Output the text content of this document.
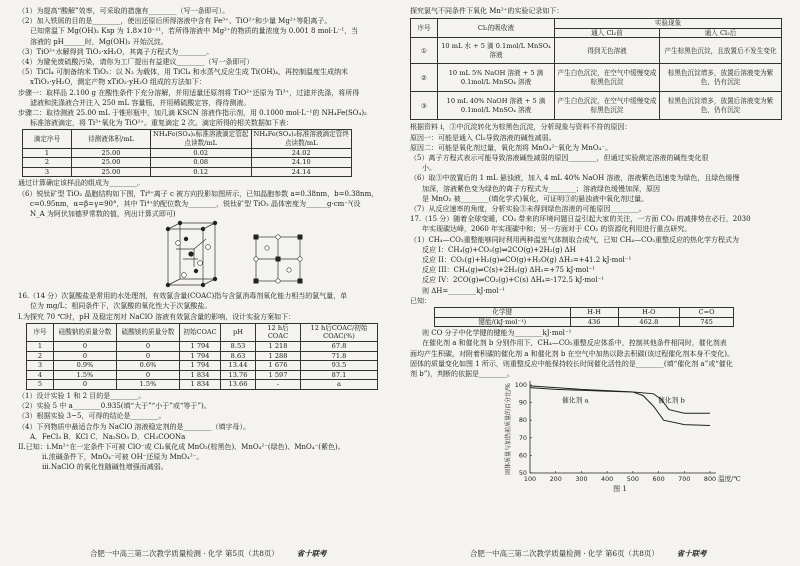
（1）为提高“酸解”效率，可采取的措施有________（写一条即可）。

（2）加入铁屑的目的是________，使出还原后所得溶液中含有 Fe³⁺、TiO²⁺和少量 Mg²⁺等阳离子。

已知常温下 Mg(OH)₂ Ksp 为 1.8×10⁻¹¹，若所得溶液中 Mg²⁺的物质的量浓度为 0.001 8 mol·L⁻¹，当

溶液的 pH______时，Mg(OH)₂ 开始沉淀。

（3）TiO²⁺水解得到 TiO₂·xH₂O，其离子方程式为________。

（4）为避免废硫酸污染，请你为工厂提出有益建议________（写一条即可）

（5）TiCl₄ 可制备纳米 TiO₂：以 N₂ 为载体，用 TiCl₄ 和水蒸气反应生成 Ti(OH)₄，再控制温度生成纳米

xTiO₂·yH₂O，测定产物 xTiO₂·yH₂O 组成的方法如下：

步骤一：取样品 2.100 g 在酸性条件下充分溶解，并用适量还原剂将 TiO²⁺还原为 Ti³⁺，过滤并洗涤，将所得

滤液和洗涤液合并注入 250 mL 容量瓶，并用稀硫酸定容，得待测液。

步骤二：取待测液 25.00 mL 于锥形瓶中，加几滴 KSCN 溶液作指示剂，用 0.1000 mol·L⁻¹的 NH₄Fe(SO₄)₂

标准溶液滴定，将 Ti³⁺氧化为 TiO²⁺。重复滴定 2 次。滴定所得的相关数据如下表：

滴定序号	待测液体积/mL	NH₄Fe(SO₄)₂标准溶液滴定管起点读数/mL	NH₄Fe(SO₄)₂标准溶液滴定管终点读数/mL
1	25.00	0.02	24.02
2	25.00	0.08	24.10
3	25.00	0.12	24.14

通过计算确定该样品的组成为________。

（6）锐钛矿型 TiO₂ 晶胞结构如下图，Ti⁴⁺离子 c 被方向投影如图所示，已知晶胞参数 a=0.38nm，b=0.38nm，

c=0.95nm，α=β=γ=90°，其中 Ti⁴⁺的配位数为________，锐钛矿型 TiO₂ 晶体密度为______g·cm⁻³(设

N_A 为阿伏加德罗常数的值，列出计算式即可)

16.（14 分）次氯酸盐是常用的水处理剂，有效氯含量(COAC)指与含氯消毒剂氧化能力相当的氯气量，单

位为 mg/L；相同条件下，次氯酸的氧化性大于次氯酸盐。

I.为探究 70 ℃时，pH 及稳定剂对 NaClO 溶液有效氯含量的影响，设计实验方案如下：

序号	硅酸钠的质量分数	硫酸镁的质量分数	初始COAC	pH	12 h后COAC	12 h后COAC/初始COAC(%)
1	0	0	1 794	8.53	1 218	67.8
2	0	0	1 794	8.63	1 288	71.8
3	0.9%	0.6%	1 794	13.44	1 676	93.5
4	1.5%	0	1 834	13.76	1 597	87.1
5	0	1.5%	1 834	13.66	-	a

（1）设计实验 1 和 2 目的是________。

（2）实验 5 中 a________0.935(填“大于”“小于”或“等于”)。

（3）根据实验 3~5，可得的结论是________。

（4）下列物质中最适合作为 NaClO 溶液稳定剂的是________（填字母）。

A．FeCl₃ B．KCl C．Na₂SO₃ D．CH₃COONa

II.已知：i.Mn²⁺在一定条件下可被 ClO⁻或 Cl₂氧化成 MnO₂(棕黑色)、MnO₄²⁻(绿色)、MnO₄⁻(紫色)。

ii.浓碱条件下，MnO₄⁻可被 OH⁻还原为 MnO₄²⁻。

iii.NaClO 的氧化性随碱性增强而减弱。

探究氯气不同条件下氧化 Mn²⁺的实验记录如下：

序号	Cl₂的吸收液	实验现象	
		通入 Cl₂前	通入 Cl₂后
①	10 mL 水 + 5 滴 0.1mol/L MnSO₄ 溶液	得到无色溶液	产生棕黑色沉淀，且放置后不发生变化
②	10 mL 5% NaOH 溶液 + 5 滴 0.1mol/L MnSO₄ 溶液	产生白色沉淀，在空气中缓慢变成棕黑色沉淀	棕黑色沉淀增多，放置后溶液变为紫色，仍有沉淀
③	10 mL 40% NaOH 溶液 + 5 滴 0.1mol/L MnSO₄ 溶液	产生白色沉淀，在空气中缓慢变成棕黑色沉淀	棕黑色沉淀增多，放置后溶液变为紫色，仍有沉淀

根据资料 i，③中沉淀转化为棕黑色沉淀，分析现象与资料不符的原因：

原因一：可能是通入 Cl₂导致溶液的碱性减弱。

原因二：可能是氧化剂过量，氧化剂将 MnO₄²⁻氧化为 MnO₄⁻。

（5）离子方程式表示可能导致溶液碱性减弱的原因________，但通过实验测定溶液的碱性变化很

小。

（6）取③中放置后的 1 mL 悬浊液，加入 4 mL 40% NaOH 溶液，溶液紫色迅速变为绿色，且绿色缓慢

加深，溶液紫色变为绿色的离子方程式为________；溶液绿色缓慢加深，原因

是 MnO₂ 被________(填化学式)氧化，可证明③的悬浊液中氧化剂过量。

（7）从反应速率的角度，分析实验③未得到绿色溶液的可能原因________。

17.（15 分）随着全球变暖，CO₂ 带来的环境问题日益引起大家的关注，一方面 CO₂ 的减排势在必行，2030

年实现碳达峰，2060 年实现碳中和；另一方面对于 CO₂ 的资源化利用进行重点研究。

（1）CH₄—CO₂重整能够同时利用两种温室气体制取合成气，已知 CH₄—CO₂重整反应的热化学方程式为

反应 I：CH₄(g)+CO₂(g)⇌2CO(g)+2H₂(g) ΔH

反应 II：CO₂(g)+H₂(g)⇌CO(g)+H₂O(g) ΔH₂=+41.2 kJ·mol⁻¹

反应 III：CH₄(g)⇌C(s)+2H₂(g) ΔH₃=+75 kJ·mol⁻¹

反应 IV：2CO(g)⇌CO₂(g)+C(s) ΔH₄=-172.5 kJ·mol⁻¹

则 ΔH=________kJ·mol⁻¹

已知：

化学键	H-H	H-O	C=O
键能/(kJ·mol⁻¹)	436	462.8	745

则 CO 分子中化学键的键能为________kJ·mol⁻¹

在催化剂 a 和催化剂 b 分别作用下，CH₄—CO₂重整反应体系中，控制其他条件相同时，催化剂表

面均产生积碳，对附着积碳的催化剂 a 和催化剂 b 在空气中加热以除去积碳(该过程催化剂本身不变化)。

固体的质量变化如图 1 所示，则重整反应中能保持较长时间催化活性的是________(填“催化剂 a”或“催化

剂 b”)，判断的依据是________。

100 200 300 400 500 600 700 800
100
90
80
70
60
50
温度/℃
固体质量与加热前质量的百分比/%
图 1
催化剂 a	催化剂 b
合肥一中高三第二次教学质量检测 · 化学 第5页（共8页） 省十联考	合肥一中高三第二次教学质量检测 · 化学 第6页（共8页） 省十联考
